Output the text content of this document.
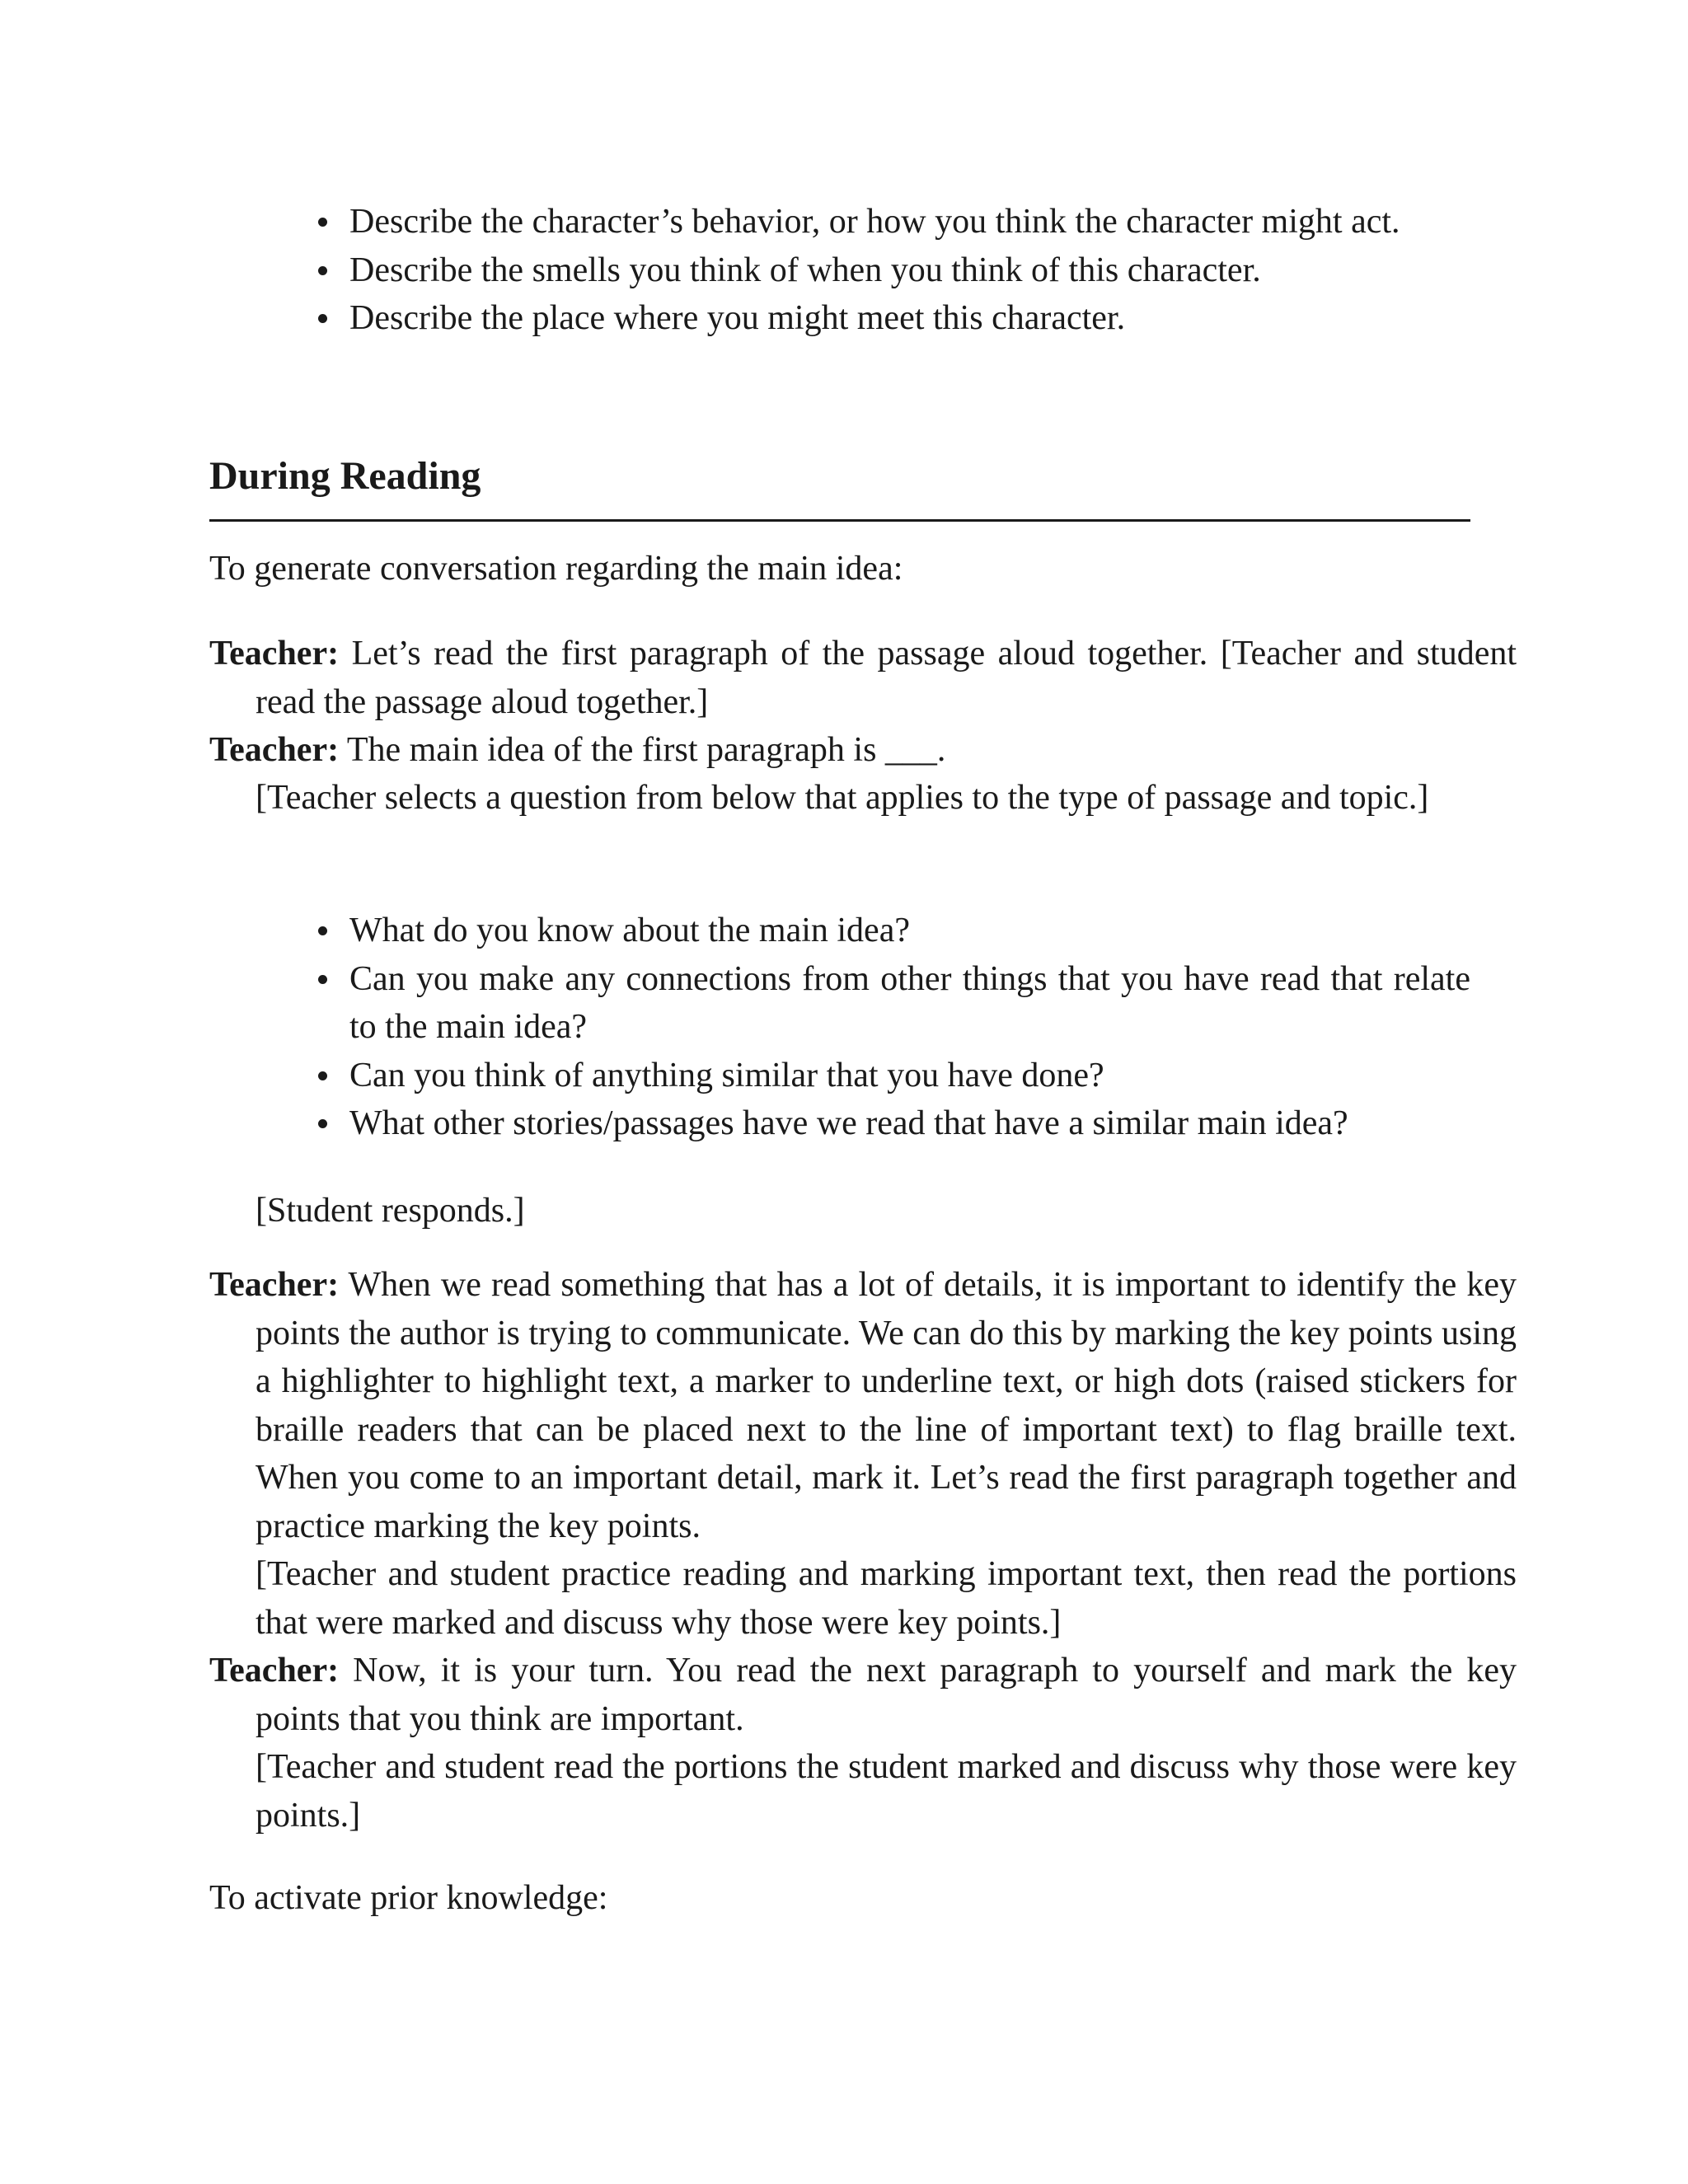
Describe the character’s behavior, or how you think the character might act.
Describe the smells you think of when you think of this character.
Describe the place where you might meet this character.
During Reading
To generate conversation regarding the main idea:
Teacher: Let’s read the first paragraph of the passage aloud together. [Teacher and student read the passage aloud together.]
Teacher: The main idea of the first paragraph is ___.
[Teacher selects a question from below that applies to the type of passage and topic.]
What do you know about the main idea?
Can you make any connections from other things that you have read that relate to the main idea?
Can you think of anything similar that you have done?
What other stories/passages have we read that have a similar main idea?
[Student responds.]
Teacher: When we read something that has a lot of details, it is important to identify the key points the author is trying to communicate. We can do this by marking the key points using a highlighter to highlight text, a marker to underline text, or high dots (raised stickers for braille readers that can be placed next to the line of important text) to flag braille text. When you come to an important detail, mark it. Let’s read the first paragraph together and practice marking the key points.
[Teacher and student practice reading and marking important text, then read the portions that were marked and discuss why those were key points.]
Teacher: Now, it is your turn. You read the next paragraph to yourself and mark the key points that you think are important.
[Teacher and student read the portions the student marked and discuss why those were key points.]
To activate prior knowledge:
